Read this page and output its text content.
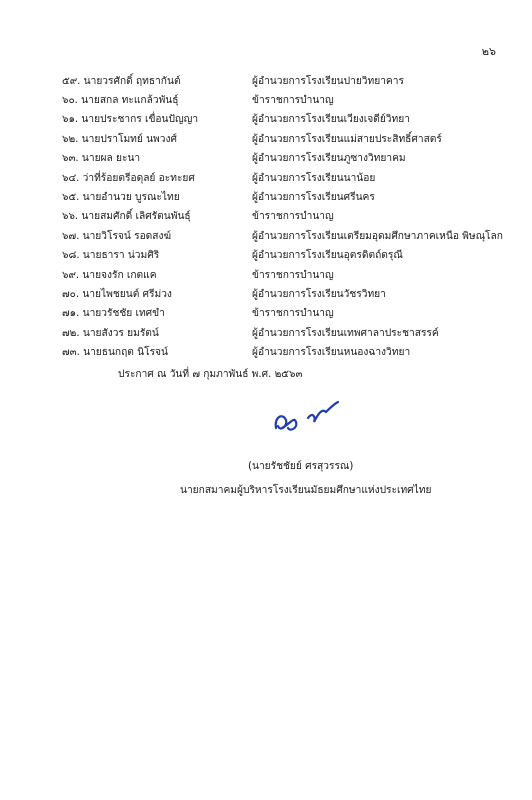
๒๖
๕๙. นายวรศักดิ์ ฤทธากันต์	ผู้อำนวยการโรงเรียนปายวิทยาคาร
๖๐. นายสกล ทะแกล้วพันธุ์	ข้าราชการบำนาญ
๖๑. นายประชากร เขื่อนปัญญา	ผู้อำนวยการโรงเรียนเวียงเจดีย์วิทยา
๖๒. นายปราโมทย์ นพวงศ์	ผู้อำนวยการโรงเรียนแม่สายประสิทธิ์ศาสตร์
๖๓. นายผล ยะนา	ผู้อำนวยการโรงเรียนภูซางวิทยาคม
๖๔. ว่าที่ร้อยตรีอดุลย์ อะทะยศ	ผู้อำนวยการโรงเรียนนาน้อย
๖๕. นายอำนวย บูรณะไทย	ผู้อำนวยการโรงเรียนศรีนคร
๖๖. นายสมศักดิ์ เลิศรัตนพันธุ์	ข้าราชการบำนาญ
๖๗. นายวิโรจน์ รอดสงฆ์	ผู้อำนวยการโรงเรียนเตรียมอุดมศึกษาภาคเหนือ พิษณุโลก
๖๘. นายธารา น่วมศิริ	ผู้อำนวยการโรงเรียนอุตรดิตถ์ดรุณี
๖๙. นายจงรัก เกตแค	ข้าราชการบำนาญ
๗๐. นายไพชยนต์ ศรีม่วง	ผู้อำนวยการโรงเรียนวัชรวิทยา
๗๑. นายวรัชชัย เทศขำ	ข้าราชการบำนาญ
๗๒. นายสังวร ยมรัตน์	ผู้อำนวยการโรงเรียนเทพศาลาประชาสรรค์
๗๓. นายธนกฤต นิโรจน์	ผู้อำนวยการโรงเรียนหนองฉางวิทยา
ประกาศ ณ วันที่ ๗ กุมภาพันธ์ พ.ศ. ๒๕๖๓
(นายรัชชัยย์ ศรสุวรรณ)
นายกสมาคมผู้บริหารโรงเรียนมัธยมศึกษาแห่งประเทศไทย
